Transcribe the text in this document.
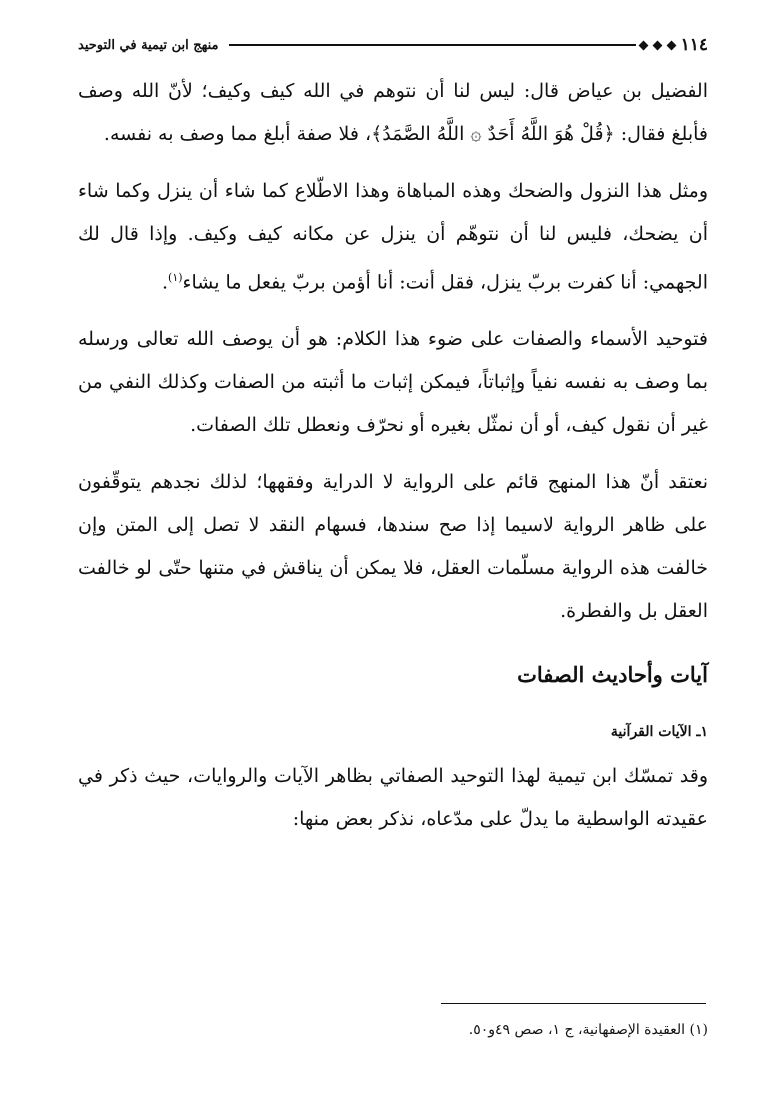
١١٤
منهج ابن تيمية في التوحيد

الفضيل بن عياض قال: ليس لنا أن نتوهم في الله كيف وكيف؛ لأنّ الله وصف فأبلغ فقال: ﴿قُلْ هُوَ اللَّهُ أَحَدٌ ۞ اللَّهُ الصَّمَدُ﴾، فلا صفة أبلغ مما وصف به نفسه.

ومثل هذا النزول والضحك وهذه المباهاة وهذا الاطّلاع كما شاء أن ينزل وكما شاء أن يضحك، فليس لنا أن نتوهّم أن ينزل عن مكانه كيف وكيف. وإذا قال لك الجهمي: أنا كفرت بربّ ينزل، فقل أنت: أنا أؤمن بربّ يفعل ما يشاء$^{(١)}$.

فتوحيد الأسماء والصفات على ضوء هذا الكلام: هو أن يوصف الله تعالى ورسله بما وصف به نفسه نفياً وإثباتاً، فيمكن إثبات ما أثبته من الصفات وكذلك النفي من غير أن نقول كيف، أو أن نمثّل بغيره أو نحرّف ونعطل تلك الصفات.

نعتقد أنّ هذا المنهج قائم على الرواية لا الدراية وفقهها؛ لذلك نجدهم يتوقّفون على ظاهر الرواية لاسيما إذا صح سندها، فسهام النقد لا تصل إلى المتن وإن خالفت هذه الرواية مسلّمات العقل، فلا يمكن أن يناقش في متنها حتّى لو خالفت العقل بل والفطرة.

آيات وأحاديث الصفات
١ـ الآيات القرآنية

وقد تمسّك ابن تيمية لهذا التوحيد الصفاتي بظاهر الآيات والروايات، حيث ذكر في عقيدته الواسطية ما يدلّ على مدّعاه، نذكر بعض منها:

(١) العقيدة الإصفهانية، ج ١، صص ٤٩و٥٠.
